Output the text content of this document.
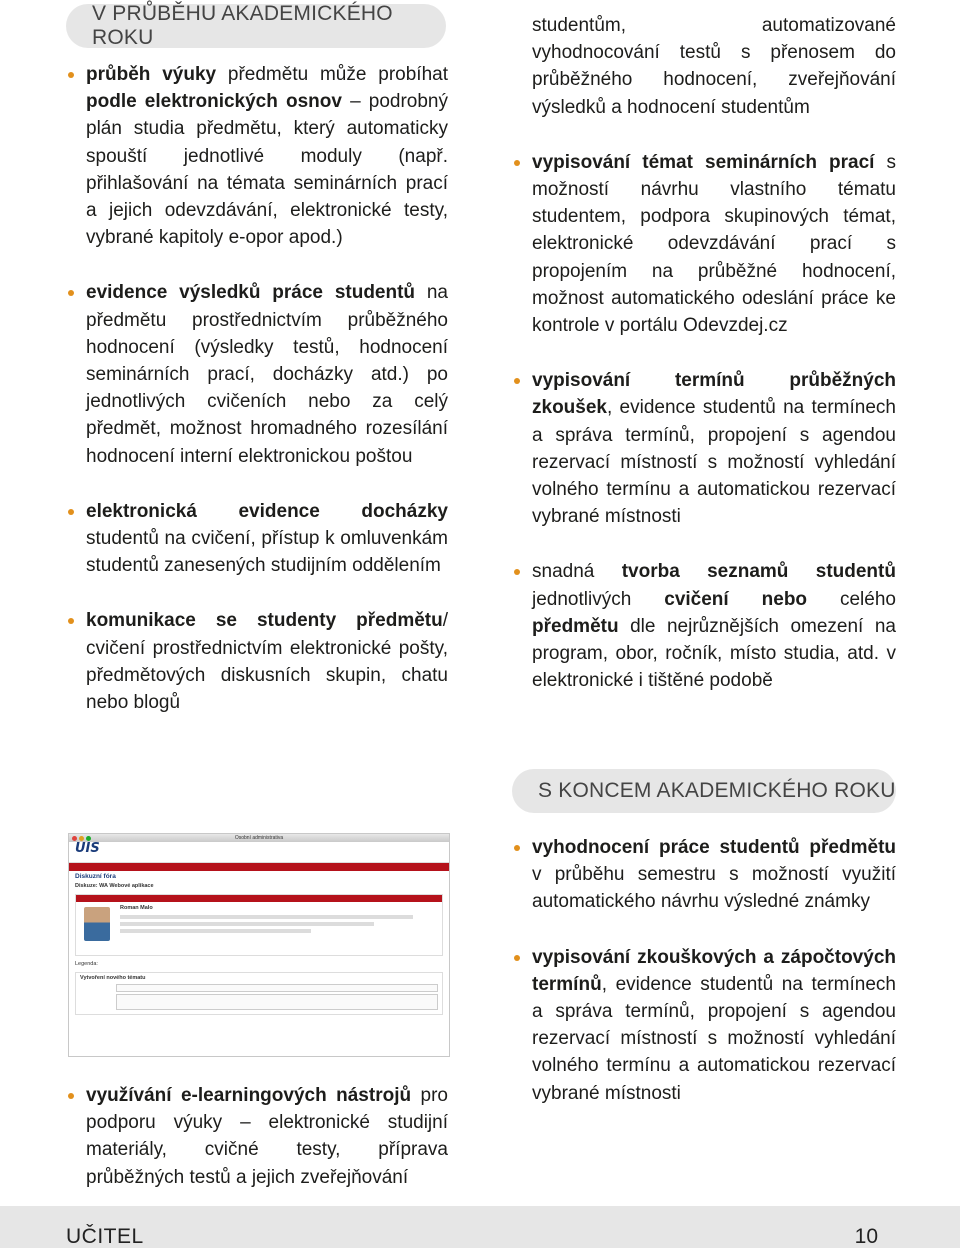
V PRŮBĚHU AKADEMICKÉHO ROKU

průběh výuky předmětu může probíhat podle elektronických osnov – podrobný plán studia předmětu, který automaticky spouští jednotlivé moduly (např. přihlašování na témata seminárních prací a jejich odevzdávání, elektronické testy, vybrané kapitoly e-opor apod.)

evidence výsledků práce studentů na předmětu prostřednictvím průběžného hodnocení (výsledky testů, hodnocení seminárních prací, docházky atd.) po jednotlivých cvičeních nebo za celý předmět, možnost hromadného rozesílání hodnocení interní elektronickou poštou

elektronická evidence docházky studentů na cvičení, přístup k omluvenkám studentů zanesených studijním oddělením

komunikace se studenty předmětu/ cvičení prostřednictvím elektronické pošty, předmětových diskusních skupin, chatu nebo blogů

Osobní administrativa
UIS
Diskuzní fóra
Diskuze: WA Webové aplikace
Roman Malo
Legenda:
Vytvoření nového tématu

využívání e-learningových nástrojů pro podporu výuky – elektronické studijní materiály, cvičné testy, příprava průběžných testů a jejich zveřejňování

studentům, automatizované vyhodnocování testů s přenosem do průběžného hodnocení, zveřejňování výsledků a hodnocení studentům

vypisování témat seminárních prací s možností návrhu vlastního tématu studentem, podpora skupinových témat, elektronické odevzdávání prací s propojením na průběžné hodnocení, možnost automatického odeslání práce ke kontrole v portálu Odevzdej.cz

vypisování termínů průběžných zkoušek, evidence studentů na termínech a správa termínů, propojení s agendou rezervací místností s možností vyhledání volného termínu a automatickou rezervací vybrané místnosti

snadná tvorba seznamů studentů jednotlivých cvičení nebo celého předmětu dle nejrůznějších omezení na program, obor, ročník, místo studia, atd. v elektronické i tištěné podobě

S KONCEM AKADEMICKÉHO ROKU

vyhodnocení práce studentů předmětu v průběhu semestru s možností využití automatického návrhu výsledné známky

vypisování zkouškových a zápočtových termínů, evidence studentů na termínech a správa termínů, propojení s agendou rezervací místností s možností vyhledání volného termínu a automatickou rezervací vybrané místnosti

UČITEL	10
